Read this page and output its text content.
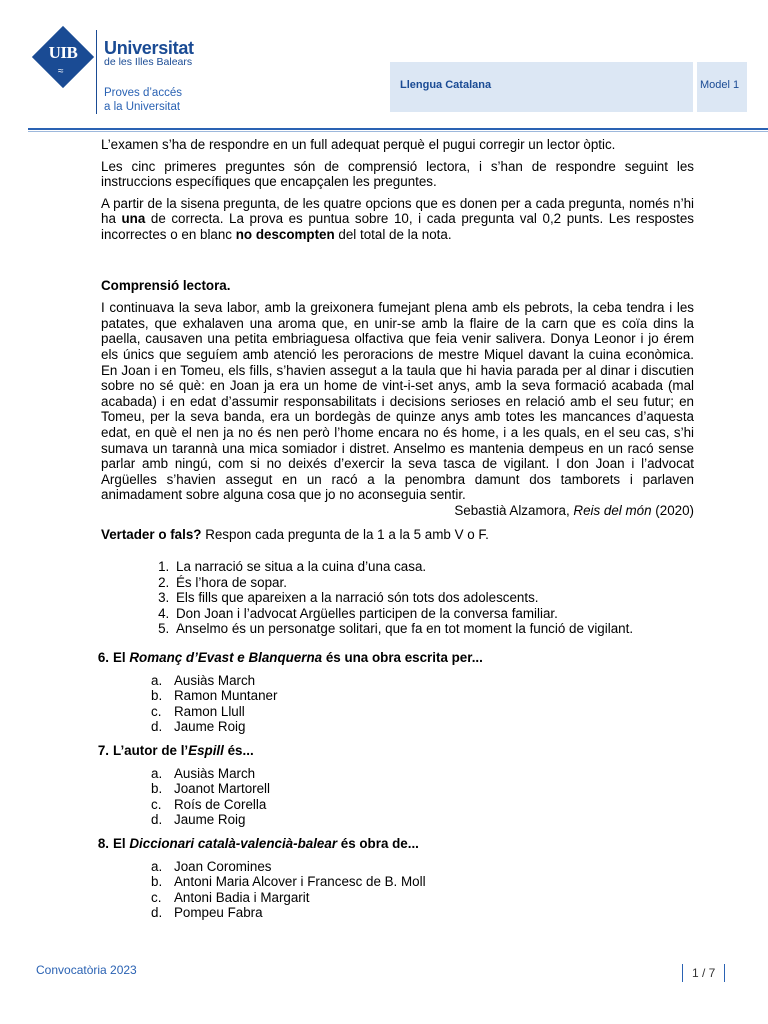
UIB
≈
Universitat
de les Illes Balears
Proves d’accés
a la Universitat
Llengua Catalana	Model 1

L’examen s’ha de respondre en un full adequat perquè el pugui corregir un lector òptic.

Les cinc primeres preguntes són de comprensió lectora, i s’han de respondre seguint les instruccions específiques que encapçalen les preguntes.

A partir de la sisena pregunta, de les quatre opcions que es donen per a cada pregunta, només n’hi ha una de correcta. La prova es puntua sobre 10, i cada pregunta val 0,2 punts. Les respostes incorrectes o en blanc no descompten del total de la nota.

Comprensió lectora.

I continuava la seva labor, amb la greixonera fumejant plena amb els pebrots, la ceba tendra i les patates, que exhalaven una aroma que, en unir-se amb la flaire de la carn que es coïa dins la paella, causaven una petita embriaguesa olfactiva que feia venir salivera. Donya Leonor i jo érem els únics que seguíem amb atenció les peroracions de mestre Miquel davant la cuina econòmica. En Joan i en Tomeu, els fills, s’havien assegut a la taula que hi havia parada per al dinar i discutien sobre no sé què: en Joan ja era un home de vint-i-set anys, amb la seva formació acabada (mal acabada) i en edat d’assumir responsabilitats i decisions serioses en relació amb el seu futur; en Tomeu, per la seva banda, era un bordegàs de quinze anys amb totes les mancances d’aquesta edat, en què el nen ja no és nen però l’home encara no és home, i a les quals, en el seu cas, s’hi sumava un tarannà una mica somiador i distret. Anselmo es mantenia dempeus en un racó sense parlar amb ningú, com si no deixés d’exercir la seva tasca de vigilant. I don Joan i l’advocat Argüelles s’havien assegut en un racó a la penombra damunt dos tamborets i parlaven animadament sobre alguna cosa que jo no aconseguia sentir.

Sebastià Alzamora, Reis del món (2020)

Vertader o fals? Respon cada pregunta de la 1 a la 5 amb V o F.

1. La narració se situa a la cuina d’una casa.
2. És l’hora de sopar.
3. Els fills que apareixen a la narració són tots dos adolescents.
4. Don Joan i l’advocat Argüelles participen de la conversa familiar.
5. Anselmo és un personatge solitari, que fa en tot moment la funció de vigilant.
6. El Romanç d’Evast e Blanquerna és una obra escrita per...
a. Ausiàs March
b. Ramon Muntaner
c. Ramon Llull
d. Jaume Roig
7. L’autor de l’Espill és...
a. Ausiàs March
b. Joanot Martorell
c. Roís de Corella
d. Jaume Roig
8. El Diccionari català-valencià-balear és obra de...
a. Joan Coromines
b. Antoni Maria Alcover i Francesc de B. Moll
c. Antoni Badia i Margarit
d. Pompeu Fabra
Convocatòria 2023	1 / 7
